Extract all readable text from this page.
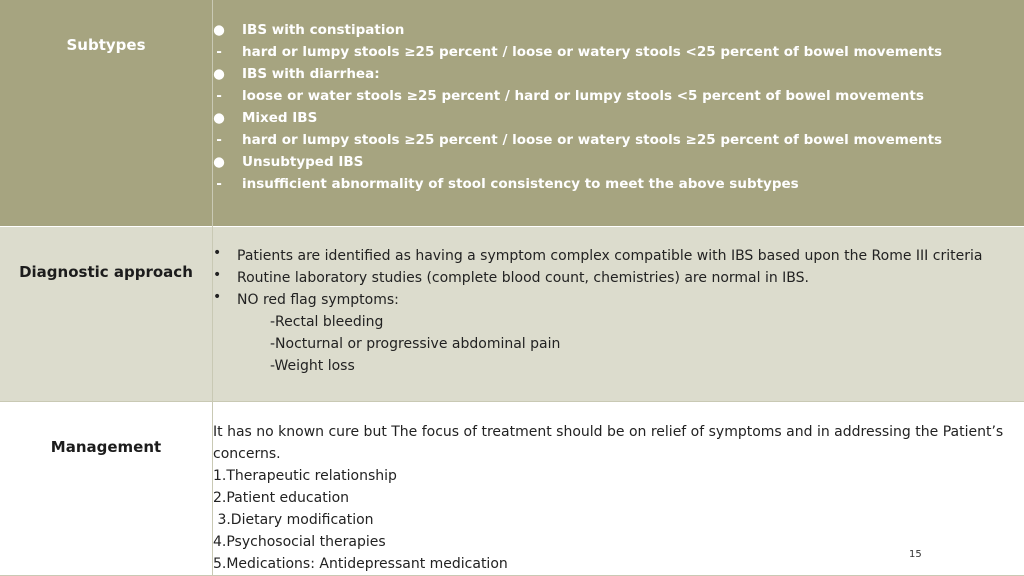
Subtypes
● IBS with constipation
- hard or lumpy stools ≥25 percent / loose or watery stools <25 percent of bowel movements
● IBS with diarrhea:
- loose or water stools ≥25 percent / hard or lumpy stools <5 percent of bowel movements
● Mixed IBS
- hard or lumpy stools ≥25 percent / loose or watery stools ≥25 percent of bowel movements
● Unsubtyped IBS
- insufficient abnormality of stool consistency to meet the above subtypes
Diagnostic approach
• Patients are identified as having a symptom complex compatible with IBS based upon the Rome III criteria
• Routine laboratory studies (complete blood count, chemistries) are normal in IBS.
• NO red flag symptoms:
-Rectal bleeding
-Nocturnal or progressive abdominal pain
-Weight loss
Management
It has no known cure but The focus of treatment should be on relief of symptoms and in addressing the Patient’s
concerns.
1.Therapeutic relationship
2.Patient education
3.Dietary modification
4.Psychosocial therapies
5.Medications: Antidepressant medication
15
